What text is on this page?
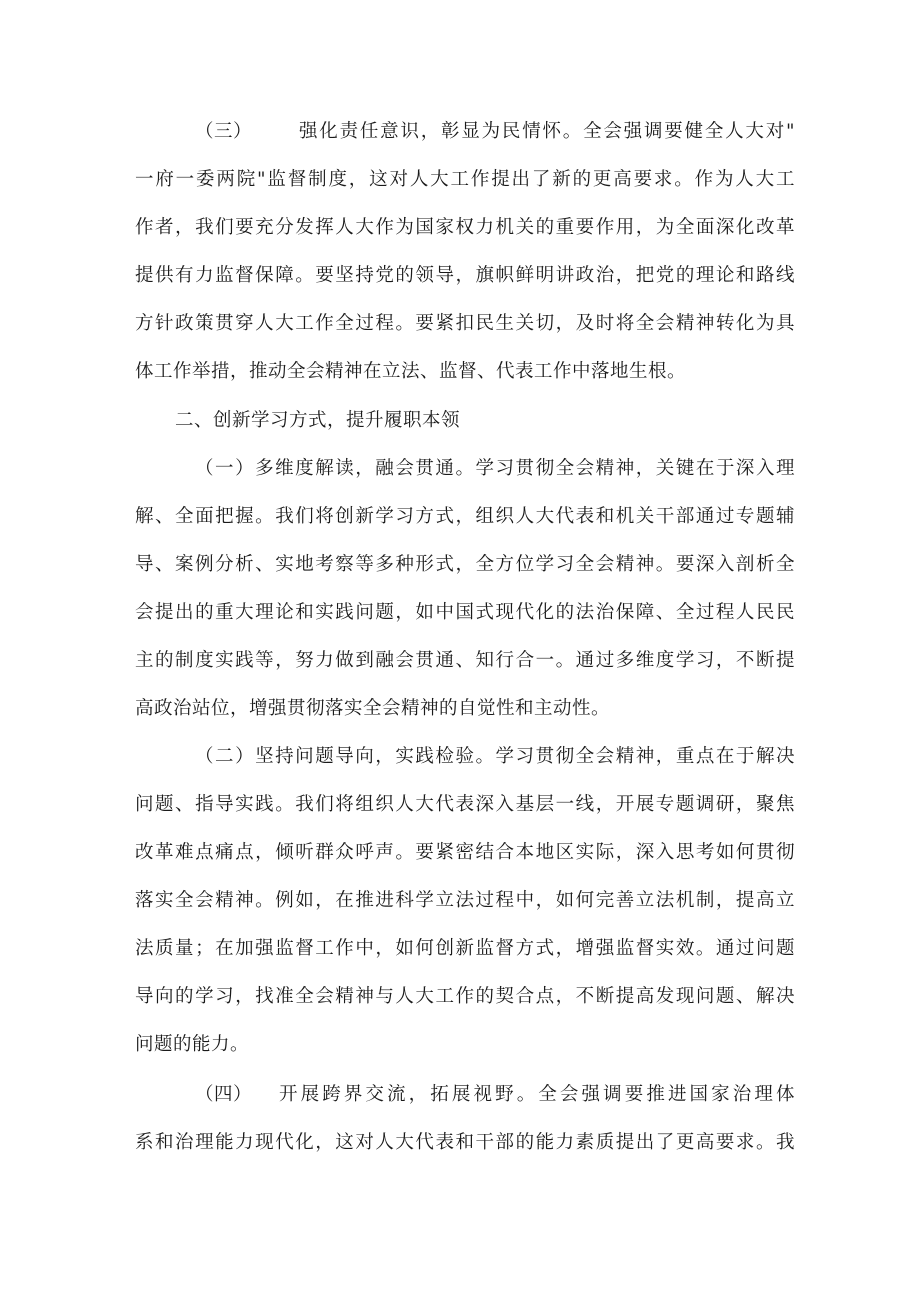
（三）	强化责任意识，彰显为民情怀。全会强调要健全人大对"
一府一委两院"监督制度，这对人大工作提出了新的更高要求。作为人大工
作者，我们要充分发挥人大作为国家权力机关的重要作用，为全面深化改革
提供有力监督保障。要坚持党的领导，旗帜鲜明讲政治，把党的理论和路线
方针政策贯穿人大工作全过程。要紧扣民生关切，及时将全会精神转化为具
体工作举措，推动全会精神在立法、监督、代表工作中落地生根。
二、创新学习方式，提升履职本领
（一）多维度解读，融会贯通。学习贯彻全会精神，关键在于深入理
解、全面把握。我们将创新学习方式，组织人大代表和机关干部通过专题辅
导、案例分析、实地考察等多种形式，全方位学习全会精神。要深入剖析全
会提出的重大理论和实践问题，如中国式现代化的法治保障、全过程人民民
主的制度实践等，努力做到融会贯通、知行合一。通过多维度学习，不断提
高政治站位，增强贯彻落实全会精神的自觉性和主动性。
（二）坚持问题导向，实践检验。学习贯彻全会精神，重点在于解决
问题、指导实践。我们将组织人大代表深入基层一线，开展专题调研，聚焦
改革难点痛点，倾听群众呼声。要紧密结合本地区实际，深入思考如何贯彻
落实全会精神。例如，在推进科学立法过程中，如何完善立法机制，提高立
法质量；在加强监督工作中，如何创新监督方式，增强监督实效。通过问题
导向的学习，找准全会精神与人大工作的契合点，不断提高发现问题、解决
问题的能力。
（四） 开展跨界交流，拓展视野。全会强调要推进国家治理体
系和治理能力现代化，这对人大代表和干部的能力素质提出了更高要求。我
